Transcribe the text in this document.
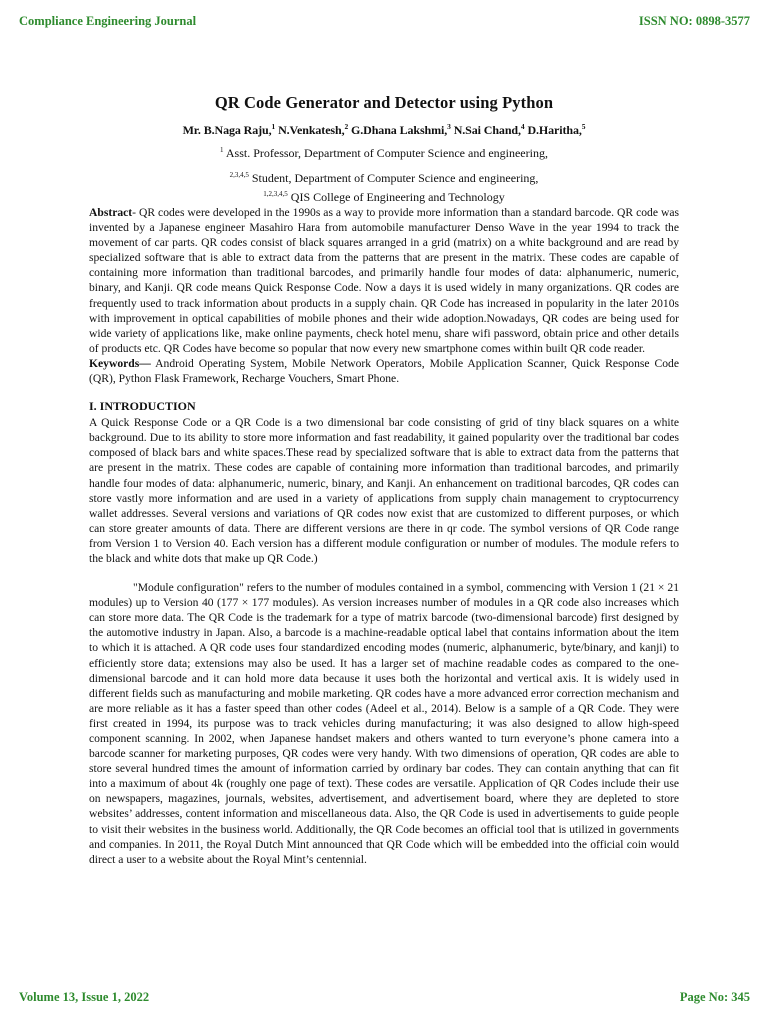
Compliance Engineering Journal	ISSN NO: 0898-3577
QR Code Generator and Detector using Python

Mr. B.Naga Raju,$^1$ N.Venkatesh,$^2$ G.Dhana Lakshmi,$^3$ N.Sai Chand,$^4$ D.Haritha,$^5$

$^1$ Asst. Professor, Department of Computer Science and engineering,

$^{2,3,4,5}$ Student, Department of Computer Science and engineering,

$^{1,2,3,4,5}$ QIS College of Engineering and Technology

Abstract- QR codes were developed in the 1990s as a way to provide more information than a standard barcode. QR code was invented by a Japanese engineer Masahiro Hara from automobile manufacturer Denso Wave in the year 1994 to track the movement of car parts. QR codes consist of black squares arranged in a grid (matrix) on a white background and are read by specialized software that is able to extract data from the patterns that are present in the matrix. These codes are capable of containing more information than traditional barcodes, and primarily handle four modes of data: alphanumeric, numeric, binary, and Kanji. QR code means Quick Response Code. Now a days it is used widely in many organizations. QR codes are frequently used to track information about products in a supply chain. QR Code has increased in popularity in the later 2010s with improvement in optical capabilities of mobile phones and their wide adoption.Nowadays, QR codes are being used for wide variety of applications like, make online payments, check hotel menu, share wifi password, obtain price and other details of products etc. QR Codes have become so popular that now every new smartphone comes within built QR code reader.

Keywords— Android Operating System, Mobile Network Operators, Mobile Application Scanner, Quick Response Code (QR), Python Flask Framework, Recharge Vouchers, Smart Phone.

I. INTRODUCTION

A Quick Response Code or a QR Code is a two dimensional bar code consisting of grid of tiny black squares on a white background. Due to its ability to store more information and fast readability, it gained popularity over the traditional bar codes composed of black bars and white spaces.These read by specialized software that is able to extract data from the patterns that are present in the matrix. These codes are capable of containing more information than traditional barcodes, and primarily handle four modes of data: alphanumeric, numeric, binary, and Kanji. An enhancement on traditional barcodes, QR codes can store vastly more information and are used in a variety of applications from supply chain management to cryptocurrency wallet addresses. Several versions and variations of QR codes now exist that are customized to different purposes, or which can store greater amounts of data. There are different versions are there in qr code. The symbol versions of QR Code range from Version 1 to Version 40. Each version has a different module configuration or number of modules. The module refers to the black and white dots that make up QR Code.)

"Module configuration" refers to the number of modules contained in a symbol, commencing with Version 1 (21 × 21 modules) up to Version 40 (177 × 177 modules). As version increases number of modules in a QR code also increases which can store more data. The QR Code is the trademark for a type of matrix barcode (two-dimensional barcode) first designed by the automotive industry in Japan. Also, a barcode is a machine-readable optical label that contains information about the item to which it is attached. A QR code uses four standardized encoding modes (numeric, alphanumeric, byte/binary, and kanji) to efficiently store data; extensions may also be used. It has a larger set of machine readable codes as compared to the one-dimensional barcode and it can hold more data because it uses both the horizontal and vertical axis. It is widely used in different fields such as manufacturing and mobile marketing. QR codes have a more advanced error correction mechanism and are more reliable as it has a faster speed than other codes (Adeel et al., 2014). Below is a sample of a QR Code. They were first created in 1994, its purpose was to track vehicles during manufacturing; it was also designed to allow high-speed component scanning. In 2002, when Japanese handset makers and others wanted to turn everyone’s phone camera into a barcode scanner for marketing purposes, QR codes were very handy. With two dimensions of operation, QR codes are able to store several hundred times the amount of information carried by ordinary bar codes. They can contain anything that can fit into a maximum of about 4k (roughly one page of text). These codes are versatile. Application of QR Codes include their use on newspapers, magazines, journals, websites, advertisement, and advertisement board, where they are depleted to store websites’ addresses, content information and miscellaneous data. Also, the QR Code is used in advertisements to guide people to visit their websites in the business world. Additionally, the QR Code becomes an official tool that is utilized in governments and companies. In 2011, the Royal Dutch Mint announced that QR Code which will be embedded into the official coin would direct a user to a website about the Royal Mint’s centennial.

Volume 13, Issue 1, 2022	Page No: 345
